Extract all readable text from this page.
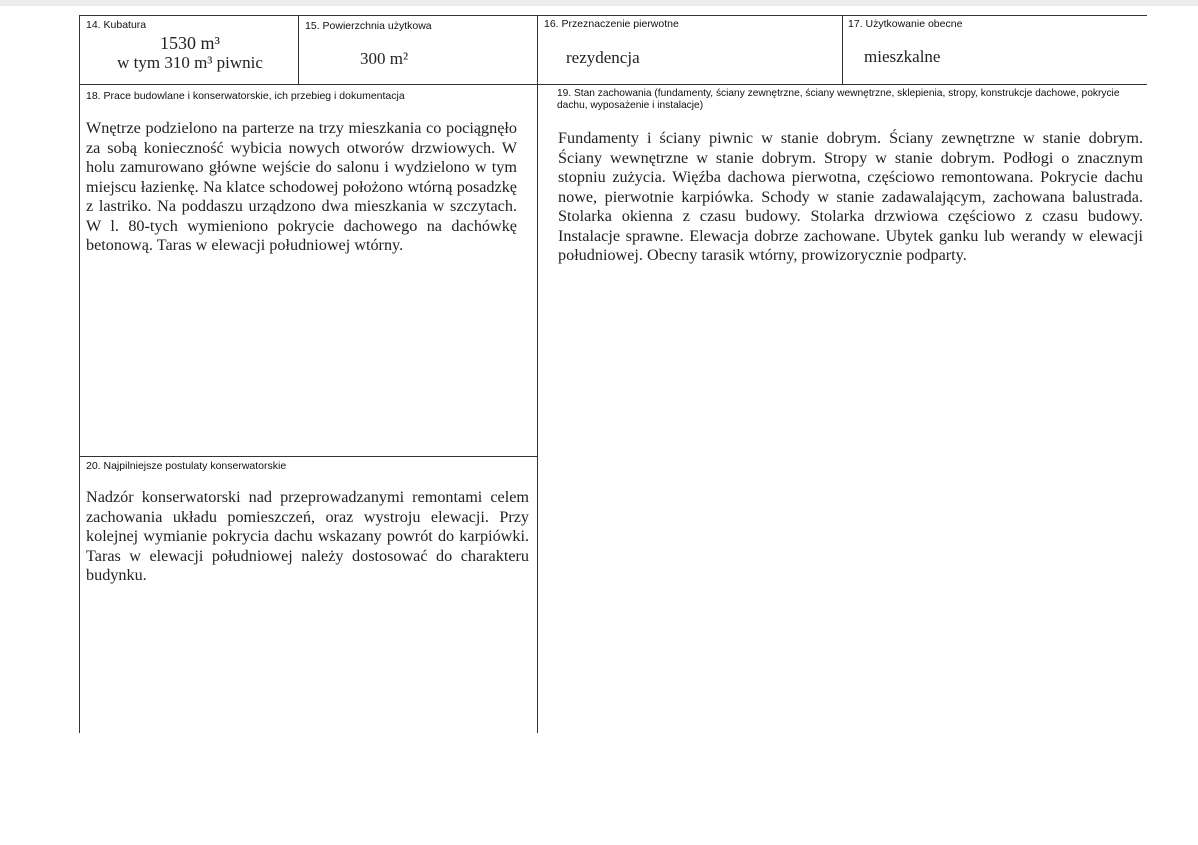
14. Kubatura
1530 m³
w tym 310 m³ piwnic
15. Powierzchnia użytkowa
300 m²
16. Przeznaczenie pierwotne
rezydencja
17. Użytkowanie obecne
mieszkalne
18. Prace budowlane i konserwatorskie, ich przebieg i dokumentacja
Wnętrze podzielono na parterze na trzy mieszkania co pociągnęło za sobą konieczność wybicia nowych otworów drzwiowych. W holu zamurowano główne wejście do salonu i wydzielono w tym miejscu łazienkę. Na klatce schodowej położono wtórną posadzkę z lastriko. Na poddaszu urządzono dwa mieszkania w szczytach. W l. 80-tych wymieniono pokrycie dachowego na dachówkę betonową. Taras w elewacji południowej wtórny.
19. Stan zachowania (fundamenty, ściany zewnętrzne, ściany wewnętrzne, sklepienia, stropy, konstrukcje dachowe, pokrycie dachu, wyposażenie i instalacje)
Fundamenty i ściany piwnic w stanie dobrym. Ściany zewnętrzne w stanie dobrym. Ściany wewnętrzne w stanie dobrym. Stropy w stanie dobrym. Podłogi o znacznym stopniu zużycia. Więźba dachowa pierwotna, częściowo remontowana. Pokrycie dachu nowe, pierwotnie karpiówka. Schody w stanie zadawalającym, zachowana balustrada. Stolarka okienna z czasu budowy. Stolarka drzwiowa częściowo z czasu budowy. Instalacje sprawne. Elewacja dobrze zachowane. Ubytek ganku lub werandy w elewacji południowej. Obecny tarasik wtórny, prowizorycznie podparty.
20. Najpilniejsze postulaty konserwatorskie
Nadzór konserwatorski nad przeprowadzanymi remontami celem zachowania układu pomieszczeń, oraz wystroju elewacji. Przy kolejnej wymianie pokrycia dachu wskazany powrót do karpiówki. Taras w elewacji południowej należy dostosować do charakteru budynku.
